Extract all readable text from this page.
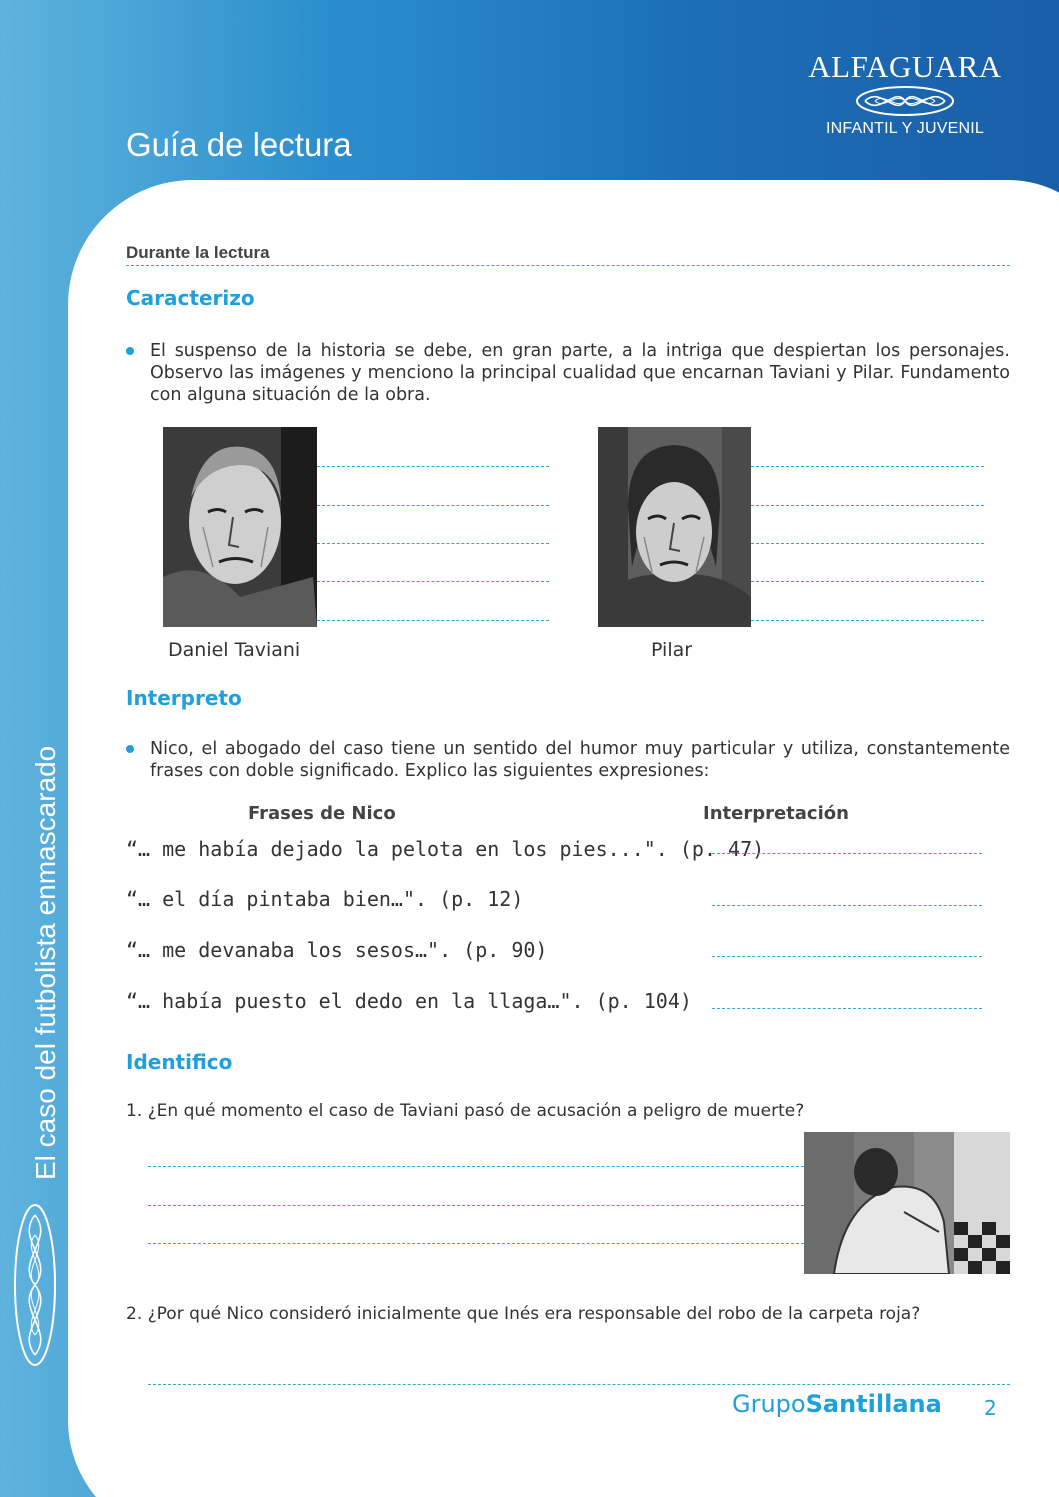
Guía de lectura
ALFAGUARA
INFANTIL Y JUVENIL
El caso del futbolista enmascarado
Durante la lectura
Caracterizo
El suspenso de la historia se debe, en gran parte, a la intriga que despiertan los personajes. Observo las imágenes y menciono la principal cualidad que encarnan Taviani y Pilar. Fundamento con alguna situación de la obra.
Daniel Taviani	Pilar
Interpreto
Nico, el abogado del caso tiene un sentido del humor muy particular y utiliza, constantemente frases con doble significado. Explico las siguientes expresiones:
Frases de Nico	Interpretación
“… me había dejado la pelota en los pies...". (p. 47)
“… el día pintaba bien…". (p. 12)
“… me devanaba los sesos…". (p. 90)
“… había puesto el dedo en la llaga…". (p. 104)
Identifico
1. ¿En qué momento el caso de Taviani pasó de acusación a peligro de muerte?
2. ¿Por qué Nico consideró inicialmente que Inés era responsable del robo de la carpeta roja?
GrupoSantillana 2
